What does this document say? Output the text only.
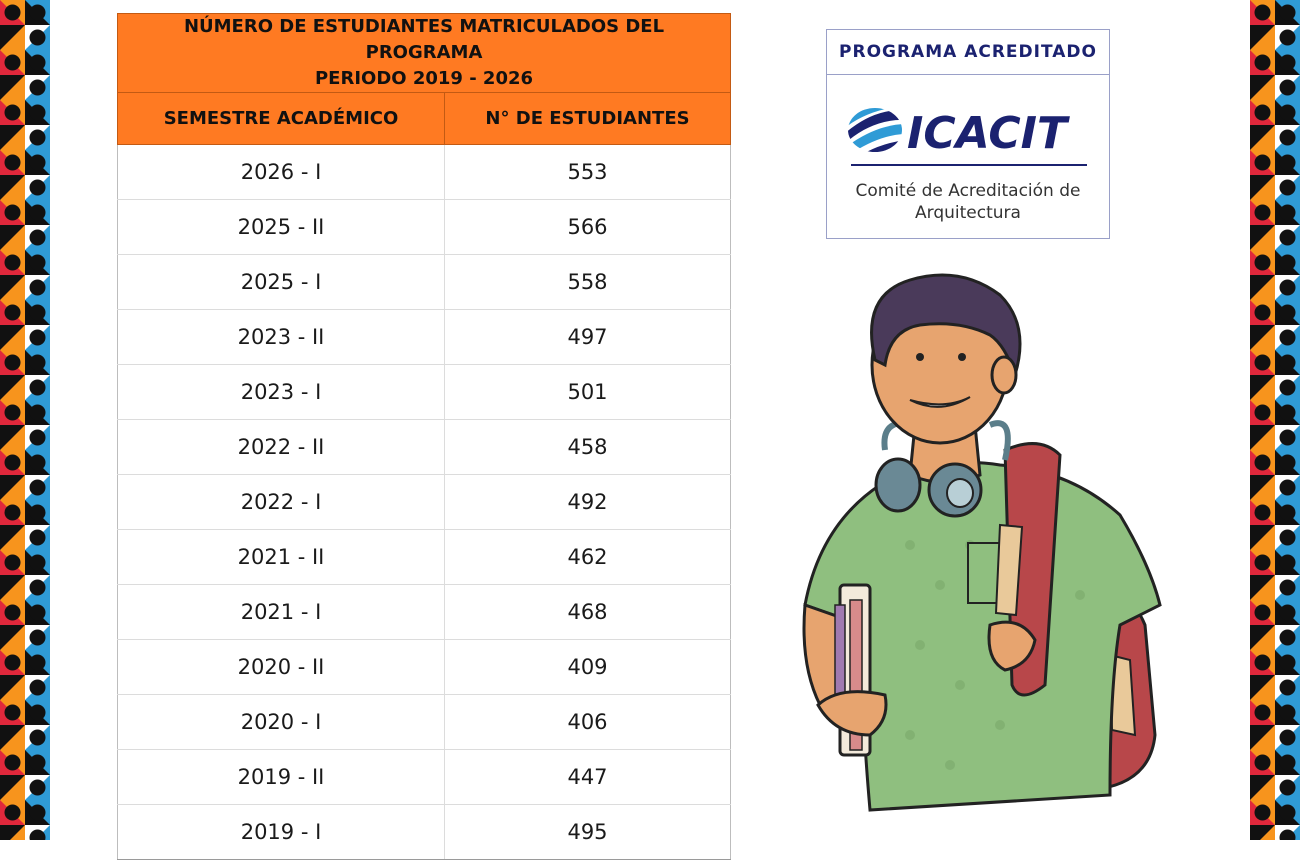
NÚMERO DE ESTUDIANTES MATRICULADOS DEL PROGRAMA
PERIODO 2019 - 2026	
SEMESTRE ACADÉMICO	N° DE ESTUDIANTES
2026 - I	553
2025 - II	566
2025 - I	558
2023 - II	497
2023 - I	501
2022 - II	458
2022 - I	492
2021 - II	462
2021 - I	468
2020 - II	409
2020 - I	406
2019 - II	447
2019 - I	495
PROGRAMA ACREDITADO
ICACIT
Comité de Acreditación de
Arquitectura
